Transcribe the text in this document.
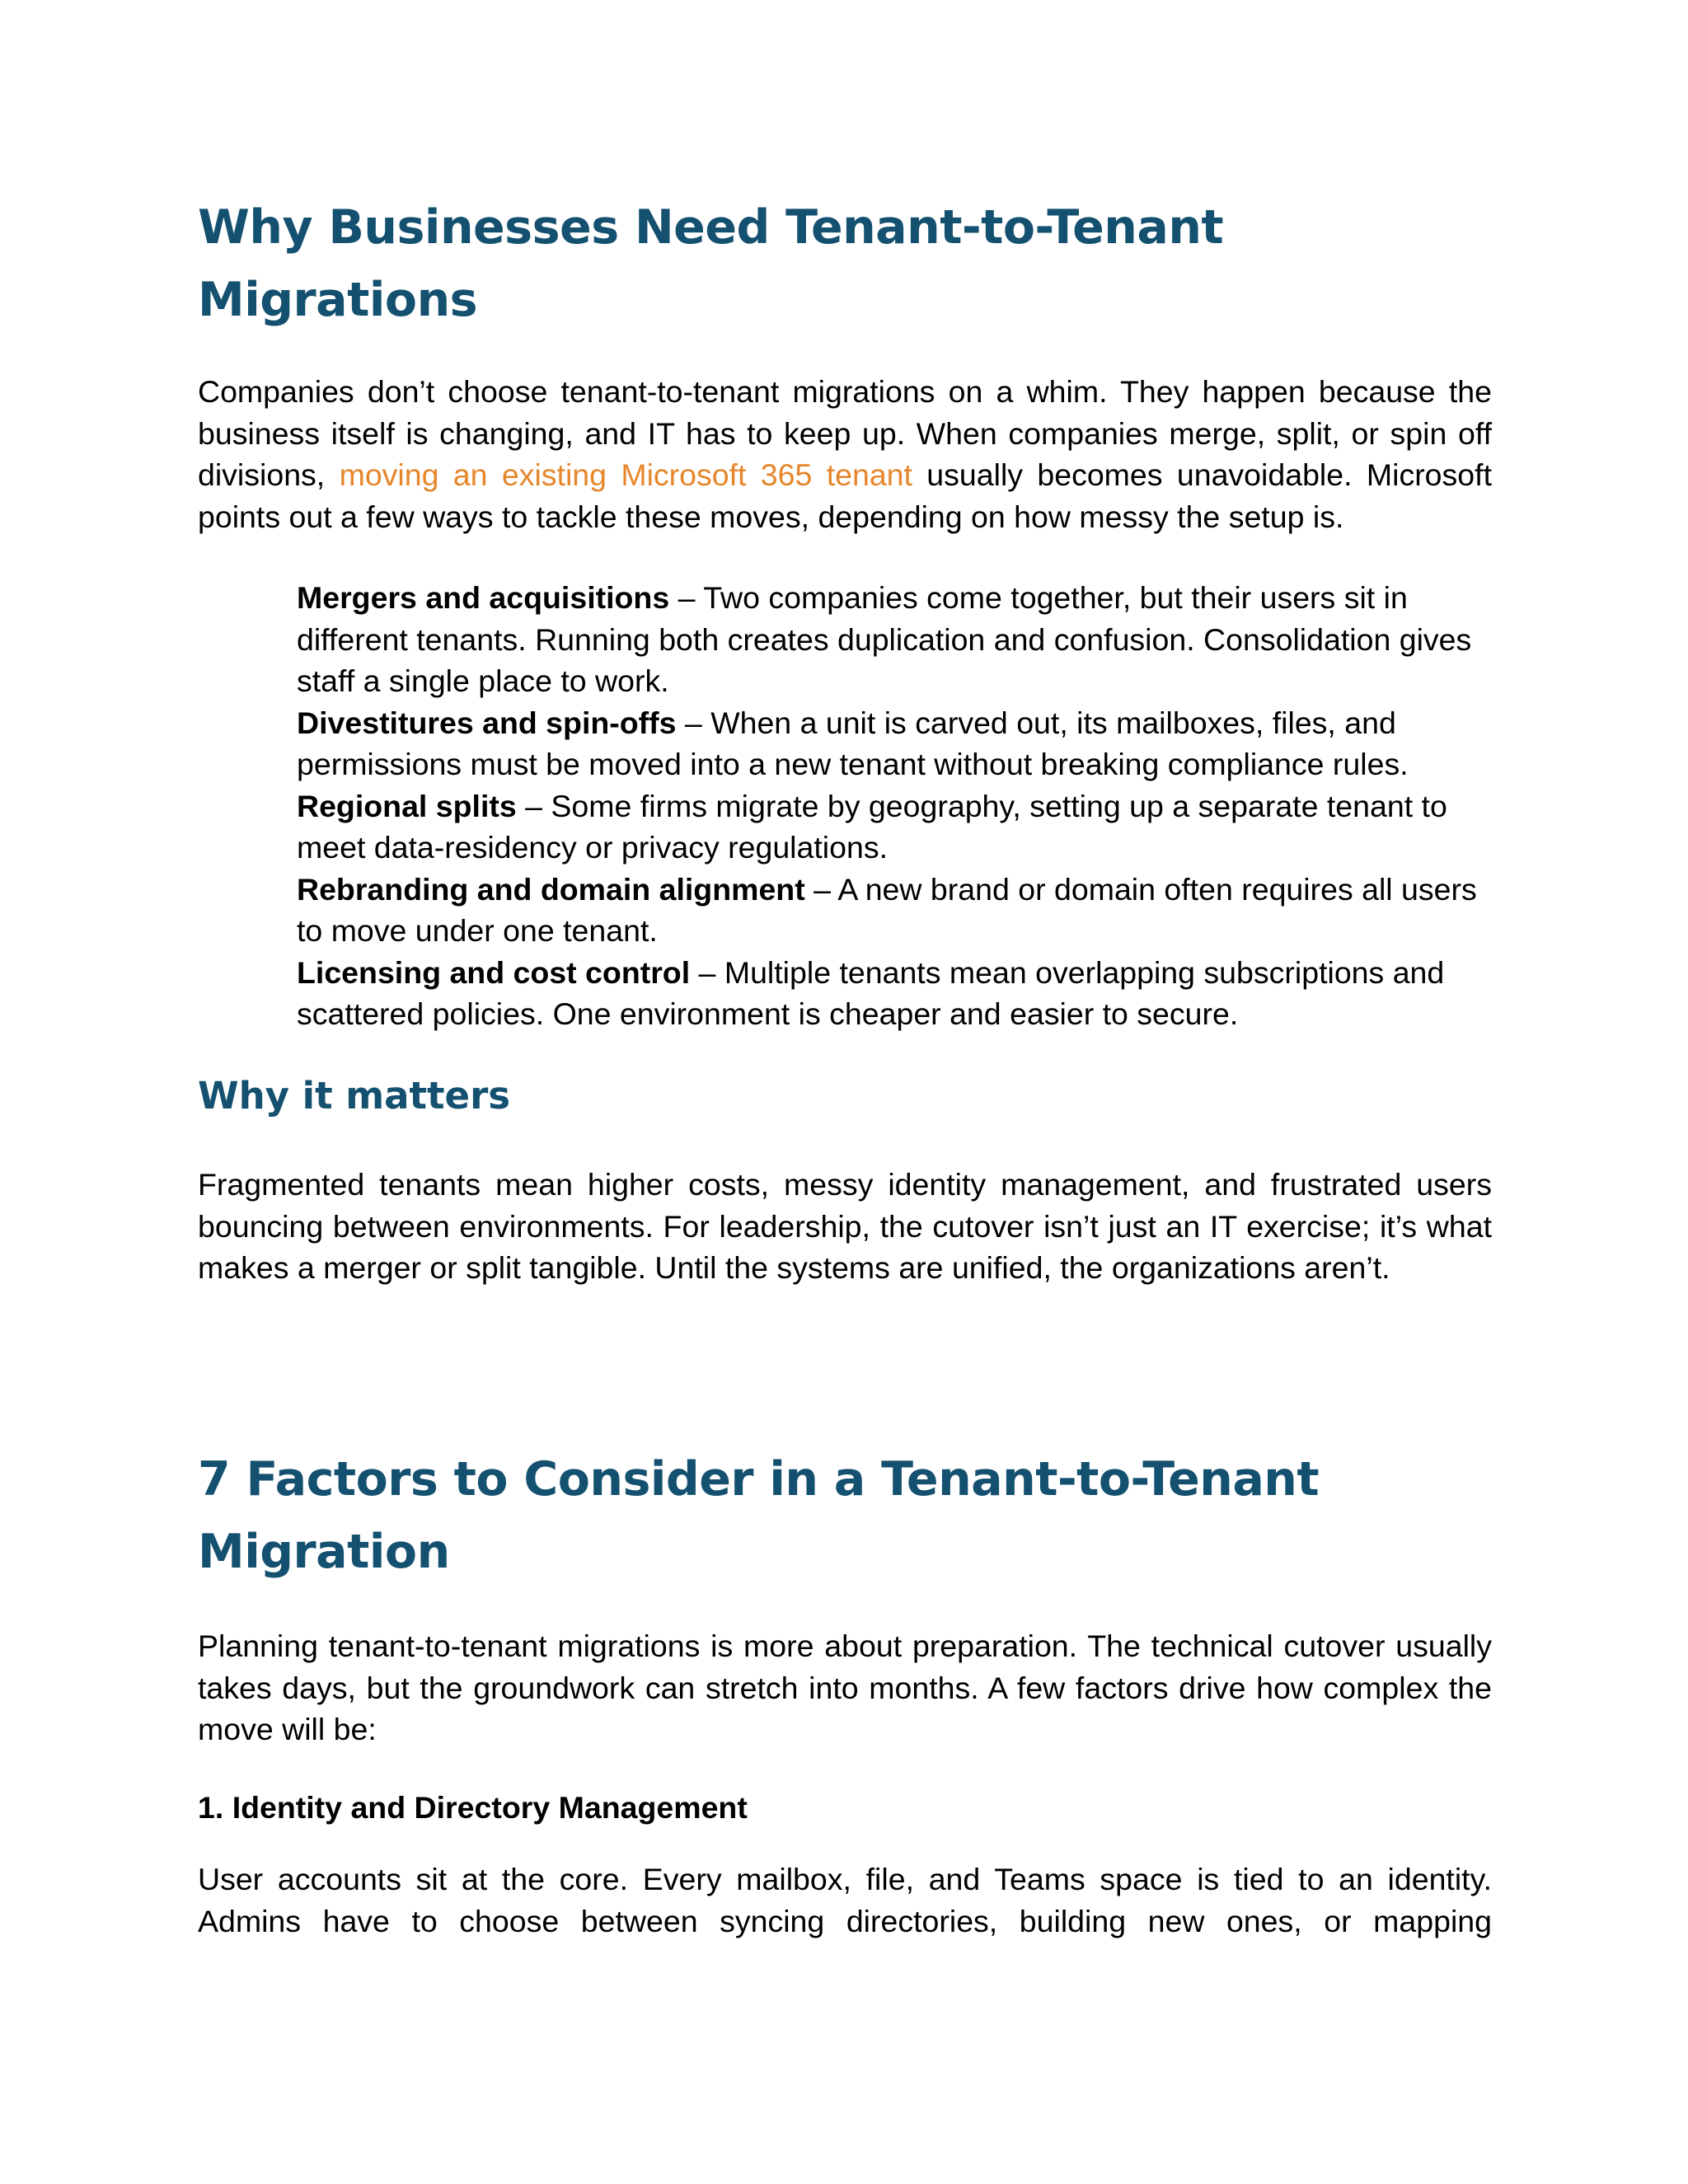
Why Businesses Need Tenant-to-Tenant Migrations

Companies don’t choose tenant-to-tenant migrations on a whim. They happen because the business itself is changing, and IT has to keep up. When companies merge, split, or spin off divisions, moving an existing Microsoft 365 tenant usually becomes unavoidable. Microsoft points out a few ways to tackle these moves, depending on how messy the setup is.

Mergers and acquisitions – Two companies come together, but their users sit in different tenants. Running both creates duplication and confusion. Consolidation gives staff a single place to work.
Divestitures and spin-offs – When a unit is carved out, its mailboxes, files, and permissions must be moved into a new tenant without breaking compliance rules.
Regional splits – Some firms migrate by geography, setting up a separate tenant to meet data-residency or privacy regulations.
Rebranding and domain alignment – A new brand or domain often requires all users to move under one tenant.
Licensing and cost control – Multiple tenants mean overlapping subscriptions and scattered policies. One environment is cheaper and easier to secure.
Why it matters

Fragmented tenants mean higher costs, messy identity management, and frustrated users bouncing between environments. For leadership, the cutover isn’t just an IT exercise; it’s what makes a merger or split tangible. Until the systems are unified, the organizations aren’t.

7 Factors to Consider in a Tenant-to-Tenant Migration

Planning tenant-to-tenant migrations is more about preparation. The technical cutover usually takes days, but the groundwork can stretch into months. A few factors drive how complex the move will be:

1. Identity and Directory Management

User accounts sit at the core. Every mailbox, file, and Teams space is tied to an identity. Admins have to choose between syncing directories, building new ones, or mapping
